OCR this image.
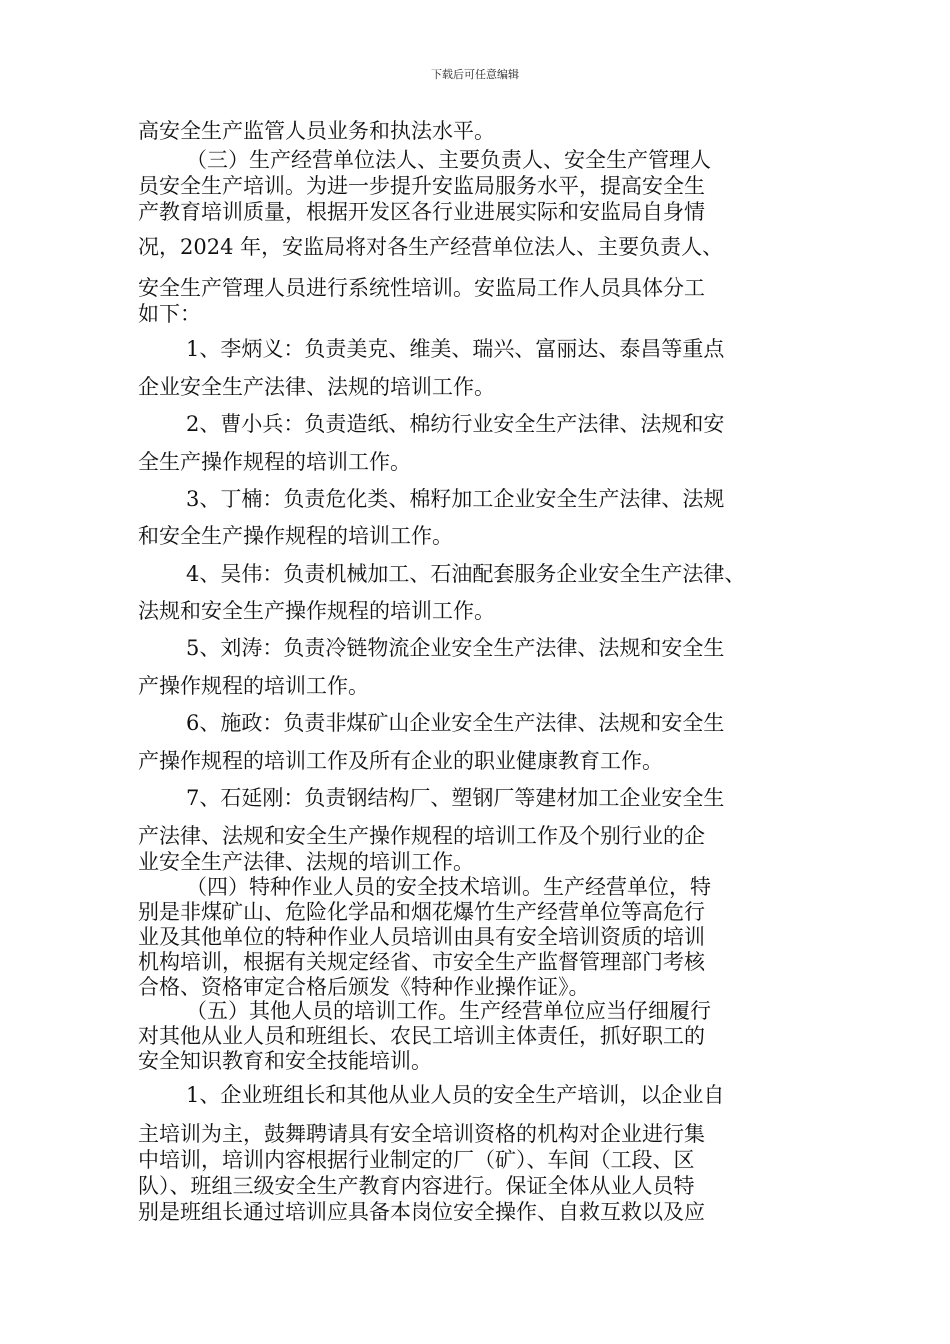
下载后可任意编辑
高安全生产监管人员业务和执法水平。
（三）生产经营单位法人、主要负责人、安全生产管理人
员安全生产培训。为进一步提升安监局服务水平，提高安全生
产教育培训质量，根据开发区各行业进展实际和安监局自身情
况，2024 年，安监局将对各生产经营单位法人、主要负责人、
安全生产管理人员进行系统性培训。安监局工作人员具体分工
如下：
1、李炳义：负责美克、维美、瑞兴、富丽达、泰昌等重点
企业安全生产法律、法规的培训工作。
2、曹小兵：负责造纸、棉纺行业安全生产法律、法规和安
全生产操作规程的培训工作。
3、丁楠：负责危化类、棉籽加工企业安全生产法律、法规
和安全生产操作规程的培训工作。
4、吴伟：负责机械加工、石油配套服务企业安全生产法律、
法规和安全生产操作规程的培训工作。
5、刘涛：负责冷链物流企业安全生产法律、法规和安全生
产操作规程的培训工作。
6、施政：负责非煤矿山企业安全生产法律、法规和安全生
产操作规程的培训工作及所有企业的职业健康教育工作。
7、石延刚：负责钢结构厂、塑钢厂等建材加工企业安全生
产法律、法规和安全生产操作规程的培训工作及个别行业的企
业安全生产法律、法规的培训工作。
（四）特种作业人员的安全技术培训。生产经营单位，特
别是非煤矿山、危险化学品和烟花爆竹生产经营单位等高危行
业及其他单位的特种作业人员培训由具有安全培训资质的培训
机构培训，根据有关规定经省、市安全生产监督管理部门考核
合格、资格审定合格后颁发《特种作业操作证》。
（五）其他人员的培训工作。生产经营单位应当仔细履行
对其他从业人员和班组长、农民工培训主体责任，抓好职工的
安全知识教育和安全技能培训。
1、企业班组长和其他从业人员的安全生产培训，以企业自
主培训为主，鼓舞聘请具有安全培训资格的机构对企业进行集
中培训，培训内容根据行业制定的厂（矿）、车间（工段、区
队）、班组三级安全生产教育内容进行。保证全体从业人员特
别是班组长通过培训应具备本岗位安全操作、自救互救以及应
